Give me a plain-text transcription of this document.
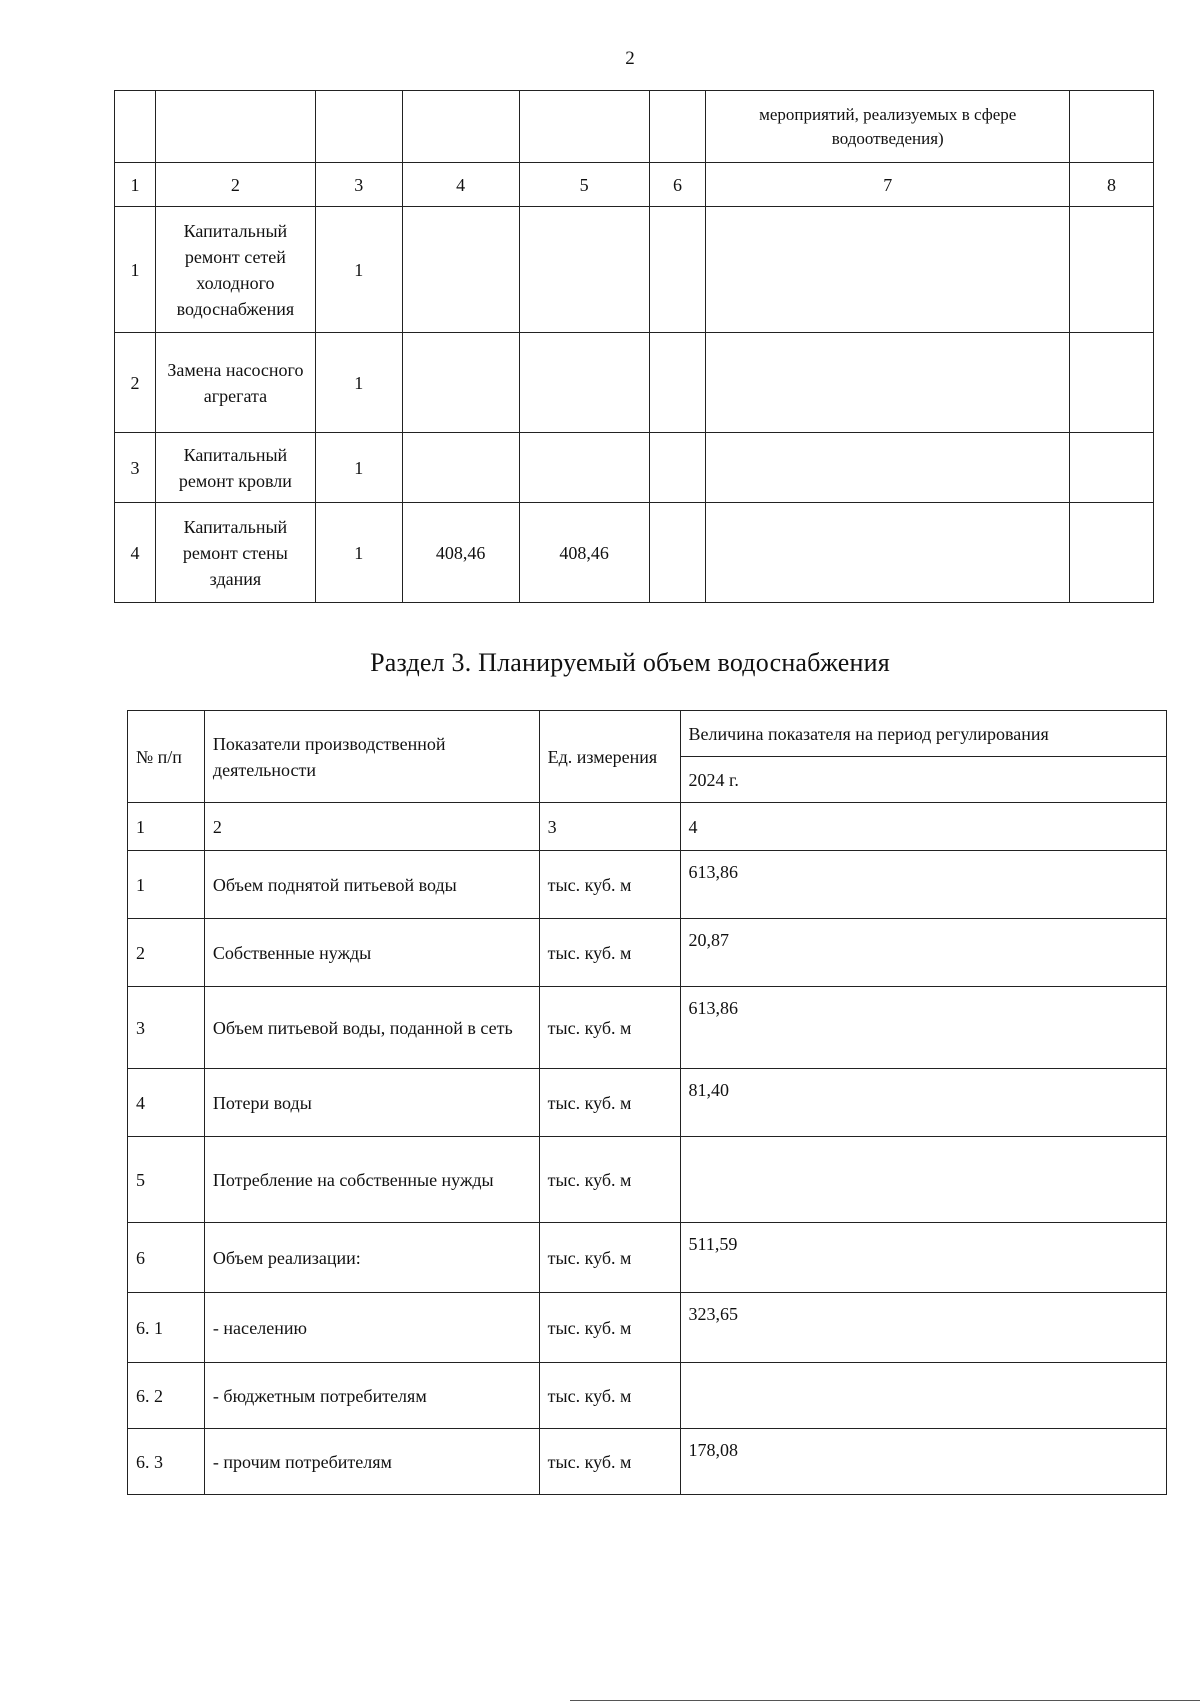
2
						мероприятий, реализуемых в сфере водоотведения)	
1	2	3	4	5	6	7	8
1	Капитальный ремонт сетей холодного водоснабжения	1					
2	Замена насосного агрегата	1					
3	Капитальный ремонт кровли	1					
4	Капитальный ремонт стены здания	1	408,46	408,46			
Раздел 3. Планируемый объем водоснабжения
№ п/п	Показатели производственной деятельности	Ед. измерения	Величина показателя на период регулирования
			2024 г.
1	2	3	4
1	Объем поднятой питьевой воды	тыс. куб. м	613,86
2	Собственные нужды	тыс. куб. м	20,87
3	Объем питьевой воды, поданной в сеть	тыс. куб. м	613,86
4	Потери воды	тыс. куб. м	81,40
5	Потребление на собственные нужды	тыс. куб. м	
6	Объем реализации:	тыс. куб. м	511,59
6. 1	- населению	тыс. куб. м	323,65
6. 2	- бюджетным потребителям	тыс. куб. м	
6. 3	- прочим потребителям	тыс. куб. м	178,08
